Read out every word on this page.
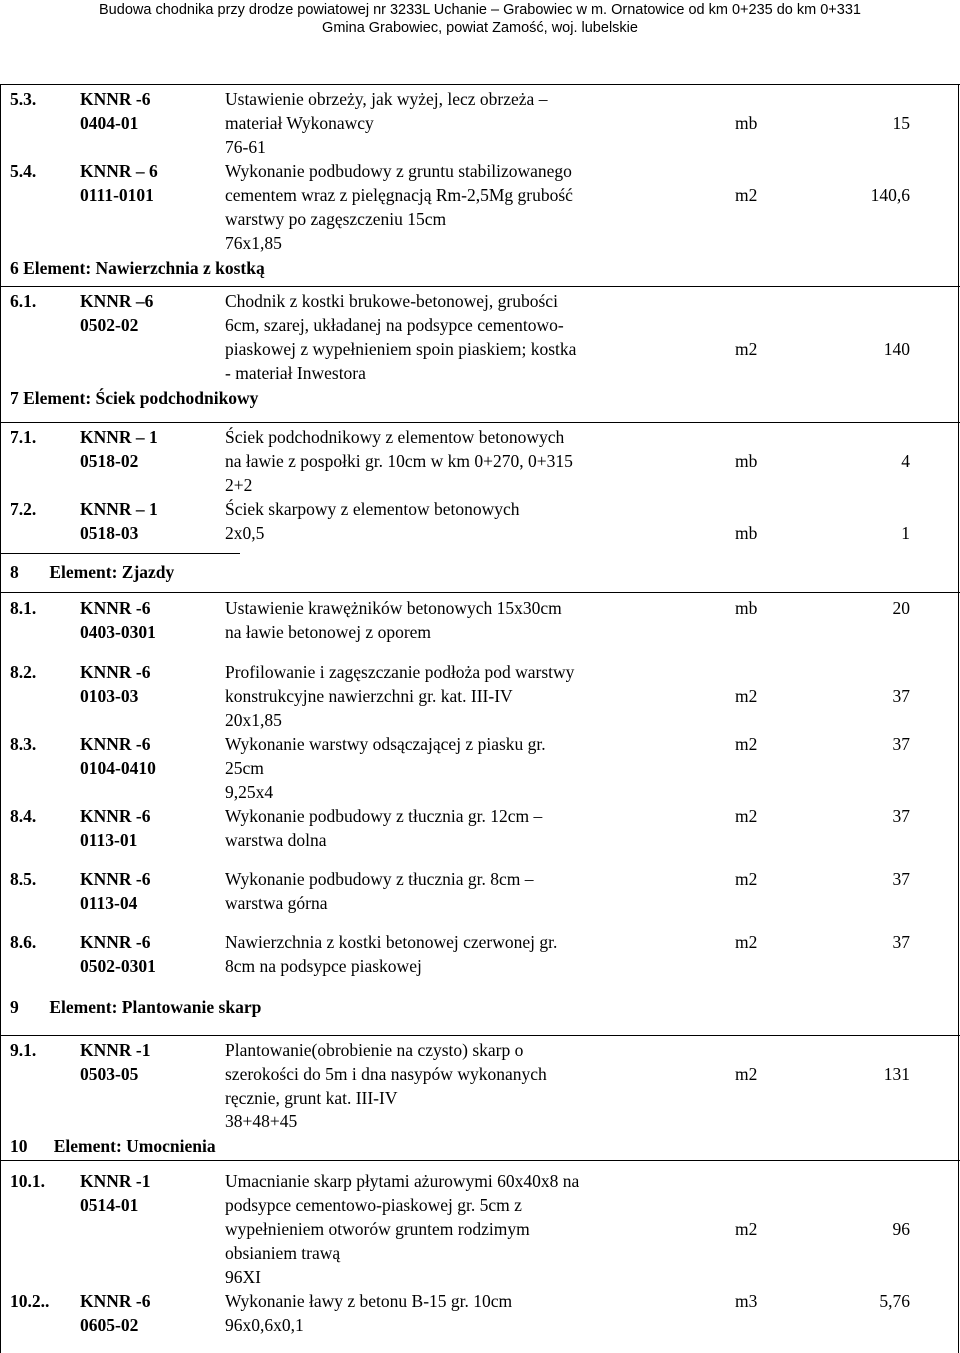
Budowa chodnika przy drodze powiatowej nr 3233L Uchanie – Grabowiec w m. Ornatowice od km 0+235 do km 0+331
Gmina Grabowiec, powiat Zamość, woj. lubelskie
5.3.	KNNR -6
0404-01
Ustawienie obrzeży, jak wyżej, lecz obrzeża –
materiał Wykonawcy
76-61
mb	15
5.4.	KNNR – 6
0111-0101
Wykonanie podbudowy z gruntu stabilizowanego
cementem wraz z pielęgnacją Rm-2,5Mg grubość
warstwy po zagęszczeniu 15cm
76x1,85
m2	140,6
6 Element: Nawierzchnia z kostką
6.1.	KNNR –6
0502-02
Chodnik z kostki brukowe-betonowej, grubości
6cm, szarej, układanej na podsypce cementowo-
piaskowej z wypełnieniem spoin piaskiem; kostka
- materiał Inwestora
m2	140
7 Element: Ściek podchodnikowy
7.1.	KNNR – 1
0518-02
Ściek podchodnikowy z elementow betonowych
na ławie z pospołki gr. 10cm w km 0+270, 0+315
2+2
mb	4
7.2.	KNNR – 1
0518-03
Ściek skarpowy z elementow betonowych
2x0,5	mb	1
8       Element: Zjazdy
8.1.	KNNR -6
0403-0301
Ustawienie krawężników betonowych 15x30cm
na ławie betonowej z oporem
mb	20
8.2.	KNNR -6
0103-03
Profilowanie i zagęszczanie podłoża pod warstwy
konstrukcyjne nawierzchni gr. kat. III-IV
20x1,85
m2	37
8.3.	KNNR -6
0104-0410
Wykonanie warstwy odsączającej z piasku gr.
25cm
9,25x4
m2	37
8.4.	KNNR -6
0113-01
Wykonanie podbudowy z tłucznia gr. 12cm –
warstwa dolna
m2	37
8.5.	KNNR -6
0113-04
Wykonanie podbudowy z tłucznia gr. 8cm –
warstwa górna
m2	37
8.6.	KNNR -6
0502-0301
Nawierzchnia z kostki betonowej czerwonej gr.
8cm na podsypce piaskowej
m2	37
9       Element: Plantowanie skarp
9.1.	KNNR -1
0503-05
Plantowanie(obrobienie na czysto) skarp o
szerokości do 5m i dna nasypów wykonanych
ręcznie, grunt kat. III-IV
38+48+45
m2	131
10      Element: Umocnienia
10.1. KNNR -1
0514-01
Umacnianie skarp płytami ażurowymi 60x40x8 na
podsypce cementowo-piaskowej gr. 5cm z
wypełnieniem otworów gruntem rodzimym
obsianiem trawą
96XI
m2	96
10.2.. KNNR -6
0605-02
Wykonanie ławy z betonu B-15 gr. 10cm
96x0,6x0,1
m3	5,76
